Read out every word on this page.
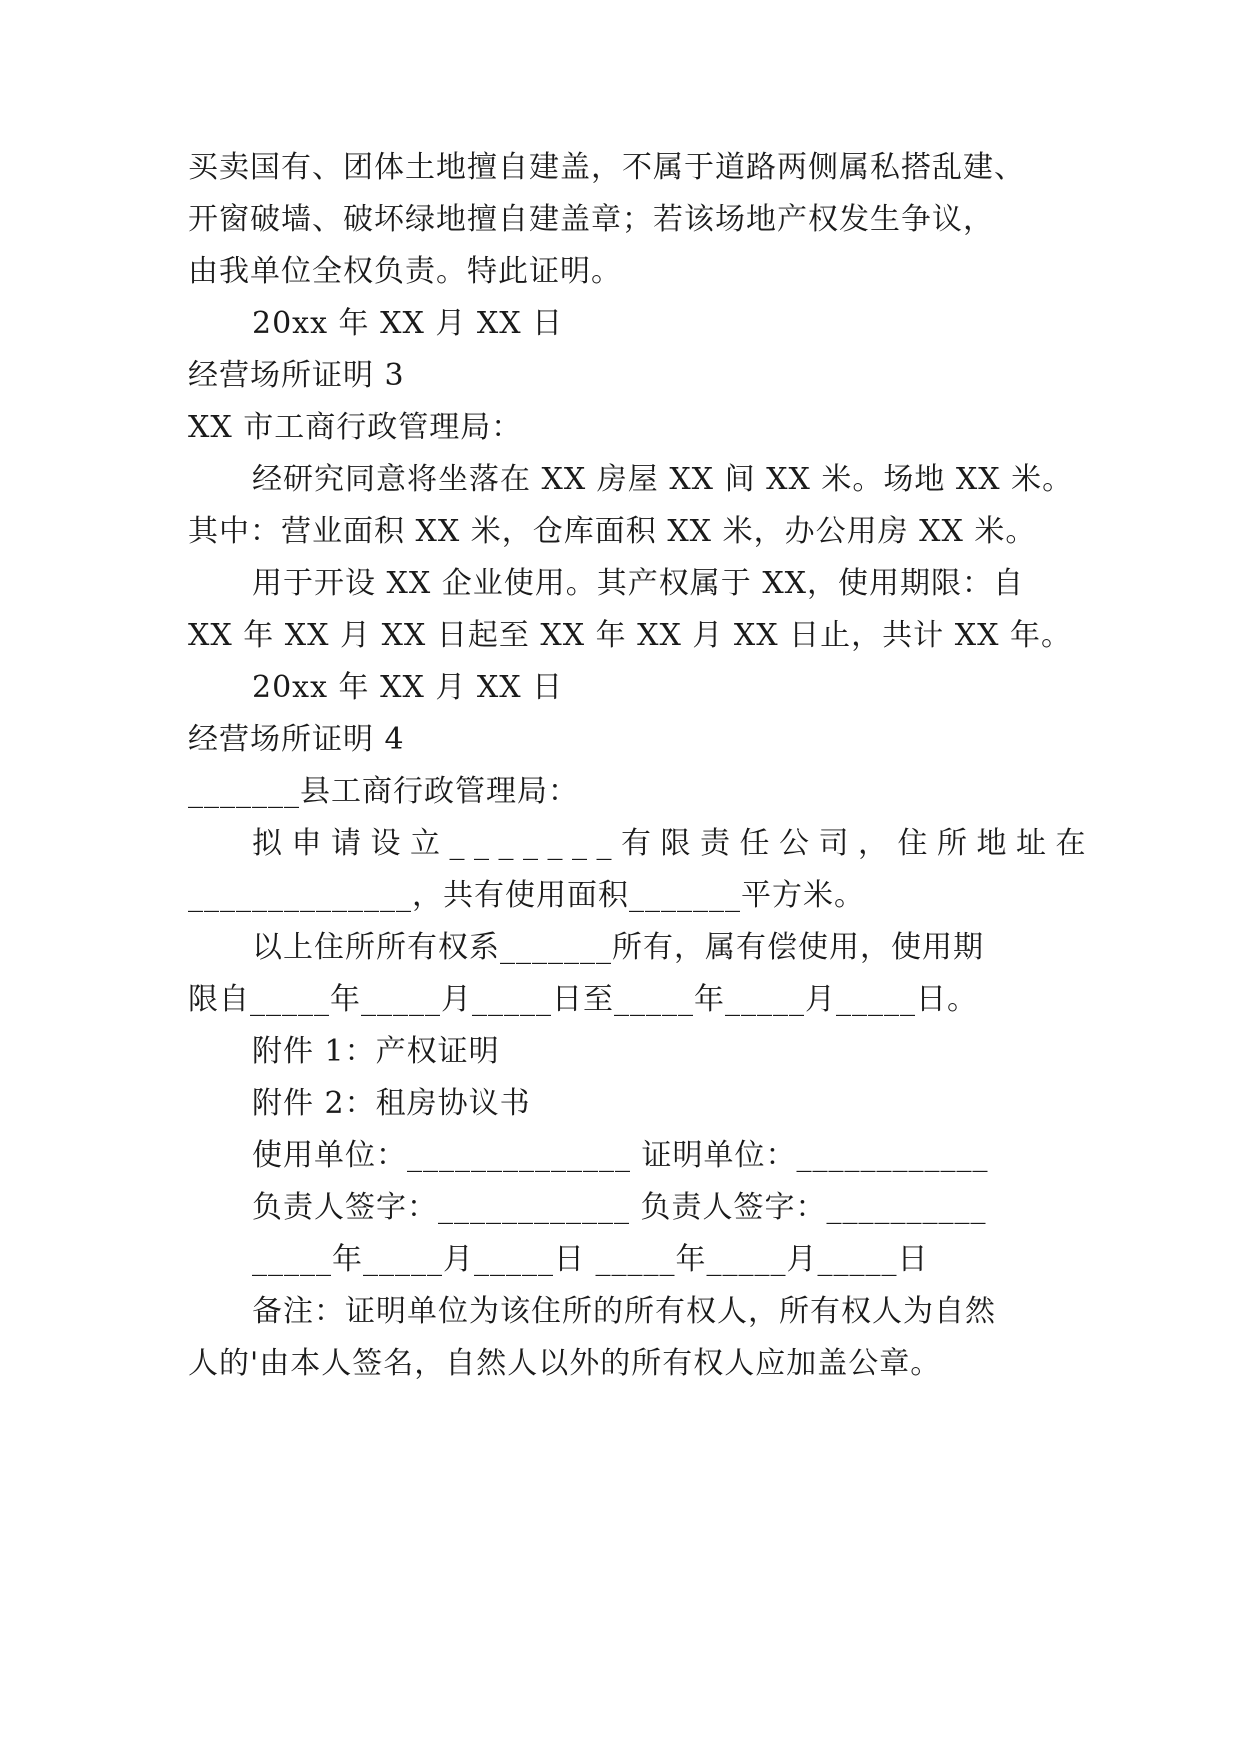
买卖国有、团体土地擅自建盖，不属于道路两侧属私搭乱建、
开窗破墙、破坏绿地擅自建盖章；若该场地产权发生争议，
由我单位全权负责。特此证明。
20xx 年 XX 月 XX 日
经营场所证明 3
XX 市工商行政管理局：
经研究同意将坐落在 XX 房屋 XX 间 XX 米。场地 XX 米。
其中：营业面积 XX 米，仓库面积 XX 米，办公用房 XX 米。
用于开设 XX 企业使用。其产权属于 XX，使用期限：自
XX 年 XX 月 XX 日起至 XX 年 XX 月 XX 日止，共计 XX 年。
20xx 年 XX 月 XX 日
经营场所证明 4
_______县工商行政管理局：
拟申请设立_______有限责任公司，住所地址在
______________，共有使用面积_______平方米。
以上住所所有权系_______所有，属有偿使用，使用期
限自_____年_____月_____日至_____年_____月_____日。
附件 1：产权证明
附件 2：租房协议书
使用单位：______________ 证明单位：____________
负责人签字：____________ 负责人签字：__________
_____年_____月_____日 _____年_____月_____日
备注：证明单位为该住所的所有权人，所有权人为自然
人的'由本人签名，自然人以外的所有权人应加盖公章。
